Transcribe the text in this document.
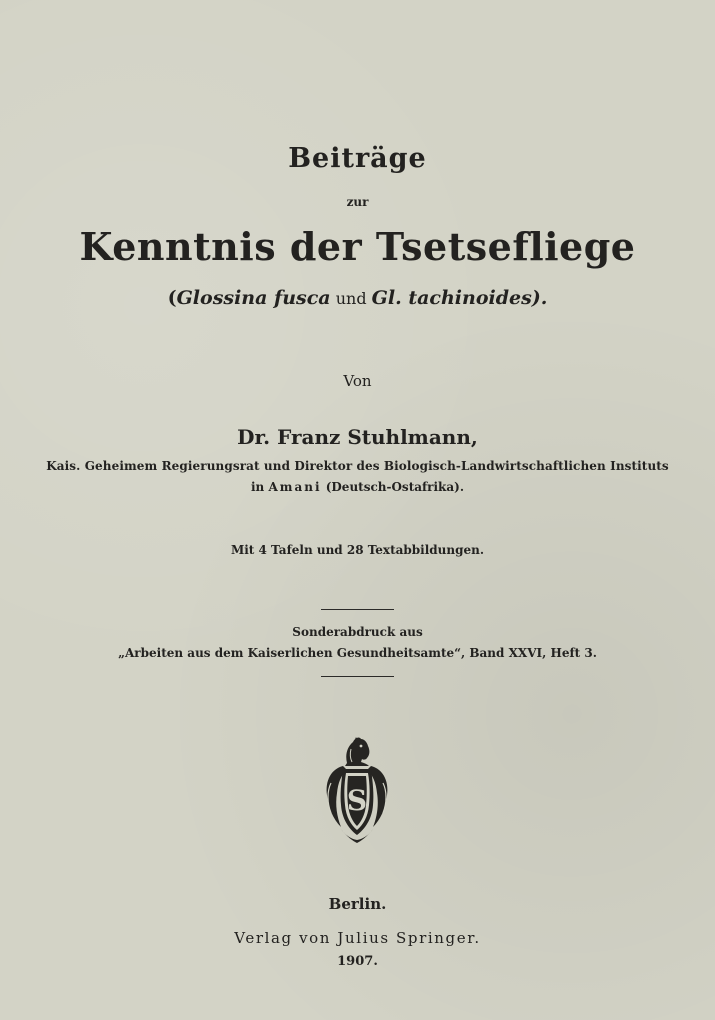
Beiträge
zur
Kenntnis der Tsetsefliege
(Glossina fusca und Gl. tachinoides).
Von
Dr. Franz Stuhlmann,
Kais. Geheimem Regierungsrat und Direktor des Biologisch-Landwirtschaftlichen Instituts
in Amani (Deutsch-Ostafrika).
Mit 4 Tafeln und 28 Textabbildungen.
Sonderabdruck aus
„Arbeiten aus dem Kaiserlichen Gesundheitsamte“, Band XXVI, Heft 3.
S
Berlin.
Verlag von Julius Springer.
1907.
